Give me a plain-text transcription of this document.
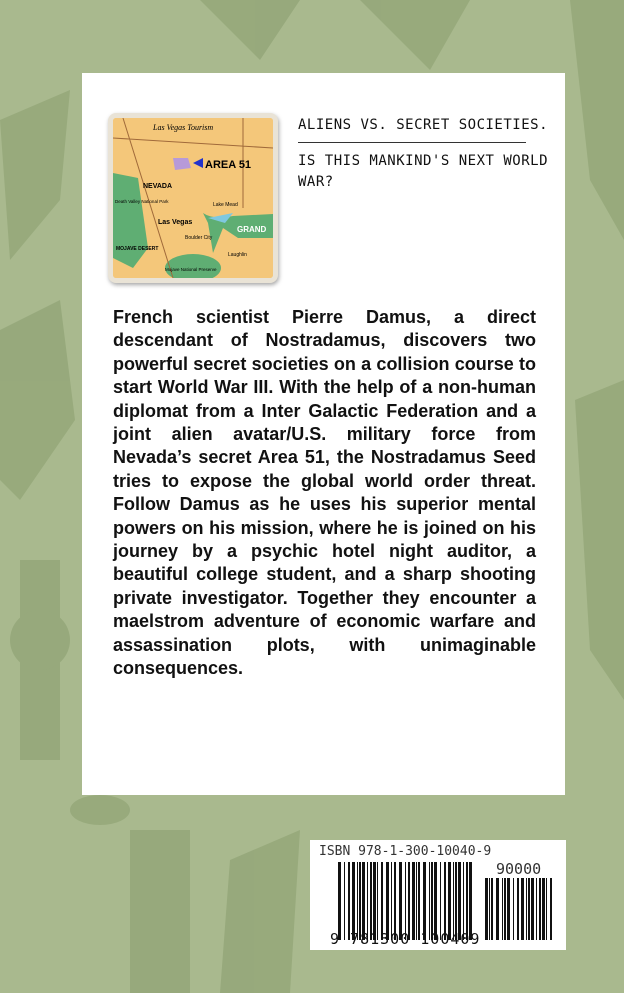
AREA 51
Las Vegas Tourism
NEVADA
Las Vegas
Death Valley National Park
Lake Mead
Boulder City
Laughlin
MOJAVE DESERT
Mojave National Preserve
GRAND
ALIENS VS. SECRET SOCIETIES.
IS THIS MANKIND'S NEXT WORLD WAR?
French scientist Pierre Damus, a direct descendant of Nostradamus, discovers two powerful secret societies on a collision course to start World War III. With the help of a non-human diplomat from a Inter Galactic Federation and a joint alien avatar/U.S. military force from Nevada’s secret Area 51, the Nostradamus Seed tries to expose the global world order threat. Follow Damus as he uses his superior mental powers on his mission, where he is joined on his journey by a psychic hotel night auditor, a beautiful college student, and a sharp shooting private investigator. Together they encounter a maelstrom adventure of economic warfare and assassination plots, with unimaginable consequences.
ISBN 978-1-300-10040-9
90000
9 781300 100409
